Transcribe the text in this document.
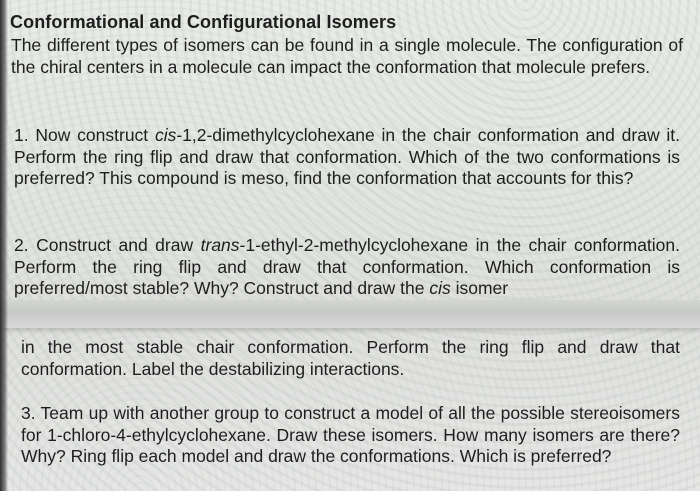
Conformational and Configurational Isomers

The different types of isomers can be found in a single molecule. The configuration of the chiral centers in a molecule can impact the conformation that molecule prefers.

1. Now construct cis-1,2-dimethylcyclohexane in the chair conformation and draw it. Perform the ring flip and draw that conformation. Which of the two conformations is preferred? This compound is meso, find the conformation that accounts for this?

2. Construct and draw trans-1-ethyl-2-methylcyclohexane in the chair conformation. Perform the ring flip and draw that conformation. Which conformation is preferred/most stable? Why? Construct and draw the cis isomer

in the most stable chair conformation. Perform the ring flip and draw that conformation. Label the destabilizing interactions.

3. Team up with another group to construct a model of all the possible stereoisomers for 1-chloro-4-ethylcyclohexane. Draw these isomers. How many isomers are there? Why? Ring flip each model and draw the conformations. Which is preferred?
